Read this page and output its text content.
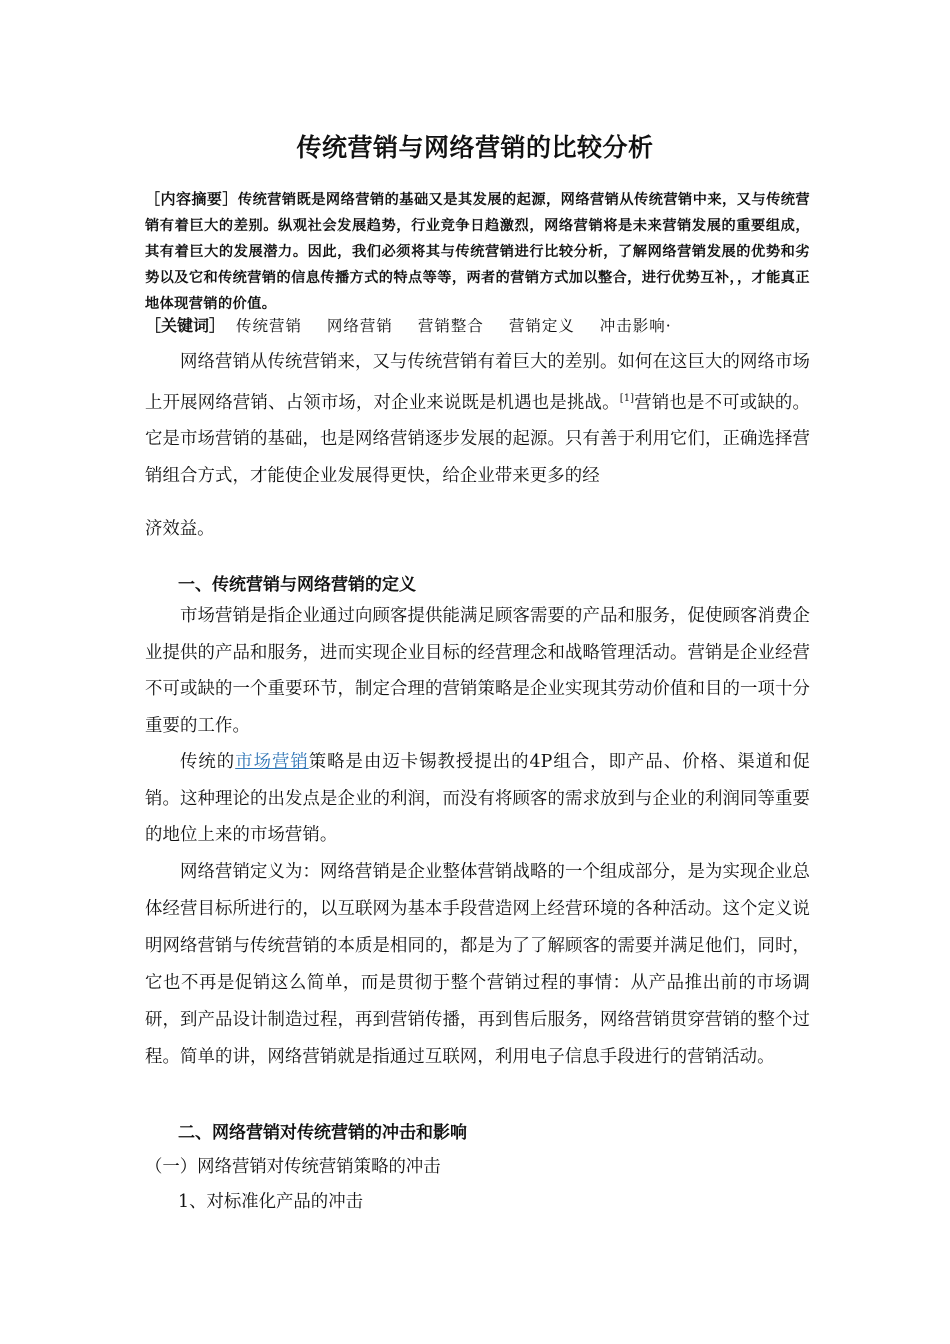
传统营销与网络营销的比较分析
［内容摘要］传统营销既是网络营销的基础又是其发展的起源，网络营销从传统营销中来，又与传统营销有着巨大的差别。纵观社会发展趋势，行业竞争日趋激烈，网络营销将是未来营销发展的重要组成，其有着巨大的发展潜力。因此，我们必须将其与传统营销进行比较分析，了解网络营销发展的优势和劣势以及它和传统营销的信息传播方式的特点等等，两者的营销方式加以整合，进行优势互补，，才能真正地体现营销的价值。
［关键词］ 传统营销 网络营销 营销整合 营销定义 冲击影响·
网络营销从传统营销来，又与传统营销有着巨大的差别。如何在这巨大的网络市场上开展网络营销、占领市场，对企业来说既是机遇也是挑战。[1]营销也是不可或缺的。它是市场营销的基础，也是网络营销逐步发展的起源。只有善于利用它们，正确选择营销组合方式，才能使企业发展得更快，给企业带来更多的经
济效益。
一、传统营销与网络营销的定义
市场营销是指企业通过向顾客提供能满足顾客需要的产品和服务，促使顾客消费企业提供的产品和服务，进而实现企业目标的经营理念和战略管理活动。营销是企业经营不可或缺的一个重要环节，制定合理的营销策略是企业实现其劳动价值和目的一项十分重要的工作。
传统的市场营销策略是由迈卡锡教授提出的4P组合，即产品、价格、渠道和促销。这种理论的出发点是企业的利润，而没有将顾客的需求放到与企业的利润同等重要的地位上来的市场营销。
网络营销定义为：网络营销是企业整体营销战略的一个组成部分，是为实现企业总体经营目标所进行的，以互联网为基本手段营造网上经营环境的各种活动。这个定义说明网络营销与传统营销的本质是相同的，都是为了了解顾客的需要并满足他们，同时，它也不再是促销这么简单，而是贯彻于整个营销过程的事情：从产品推出前的市场调研，到产品设计制造过程，再到营销传播，再到售后服务，网络营销贯穿营销的整个过程。简单的讲，网络营销就是指通过互联网，利用电子信息手段进行的营销活动。
二、网络营销对传统营销的冲击和影响
（一）网络营销对传统营销策略的冲击
1、对标准化产品的冲击
